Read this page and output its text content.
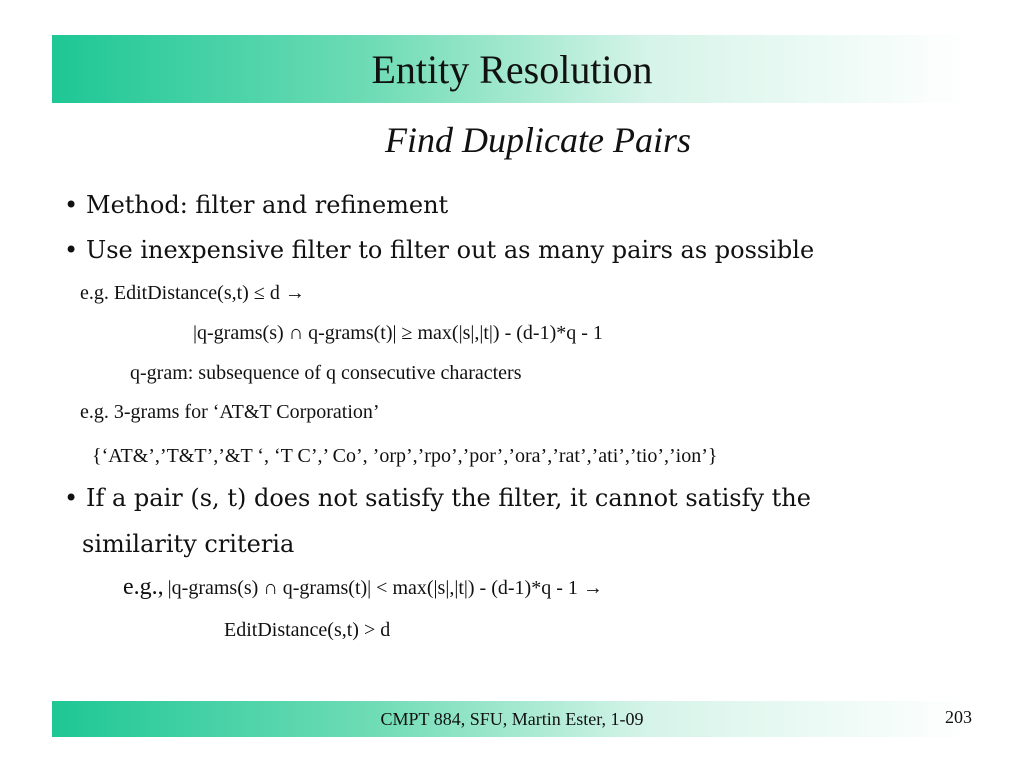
Entity Resolution
Find Duplicate Pairs
• Method: filter and refinement
• Use inexpensive filter to filter out as many pairs as possible
e.g. EditDistance(s,t) ≤ d →
|q-grams(s) ∩ q-grams(t)| ≥ max(|s|,|t|) - (d-1)*q - 1
q-gram: subsequence of q consecutive characters
e.g. 3-grams for ‘AT&T Corporation’
{‘AT&’,’T&T’,’&T ‘, ‘T C’,’ Co’, ’orp’,’rpo’,’por’,’ora’,’rat’,’ati’,’tio’,’ion’}
• If a pair (s, t) does not satisfy the filter, it cannot satisfy the
similarity criteria
e.g., |q-grams(s) ∩ q-grams(t)| < max(|s|,|t|) - (d-1)*q - 1 →
EditDistance(s,t) > d
CMPT 884, SFU, Martin Ester, 1-09	203
